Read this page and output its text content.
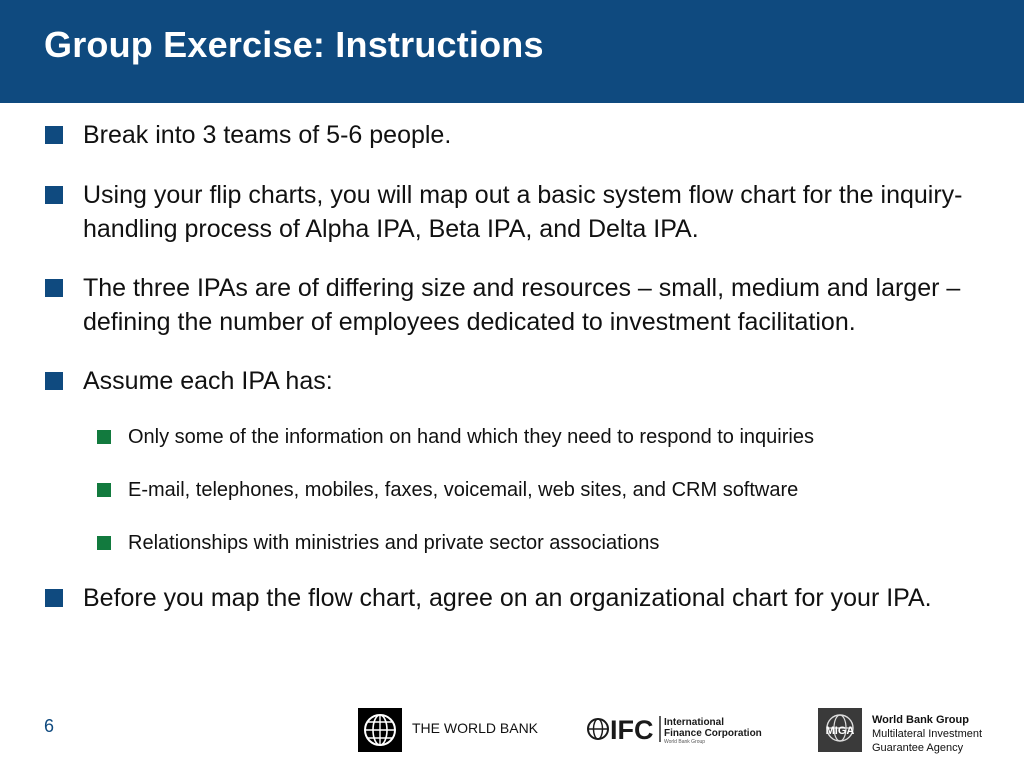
Group Exercise: Instructions
Break into 3 teams of 5-6 people.
Using your flip charts, you will map out a basic system flow chart for the inquiry-handling process of Alpha IPA, Beta IPA, and Delta IPA.
The three IPAs are of differing size and resources – small, medium and larger – defining the number of employees dedicated to investment facilitation.
Assume each IPA has:
Only some of the information on hand which they need to respond to inquiries
E-mail, telephones, mobiles, faxes, voicemail, web sites, and CRM software
Relationships with ministries and private sector associations
Before you map the flow chart, agree on an organizational chart for your IPA.
6	THE WORLD BANK	IFC International
Finance Corporation
World Bank Group
MIGA
World Bank Group
Multilateral Investment
Guarantee Agency
